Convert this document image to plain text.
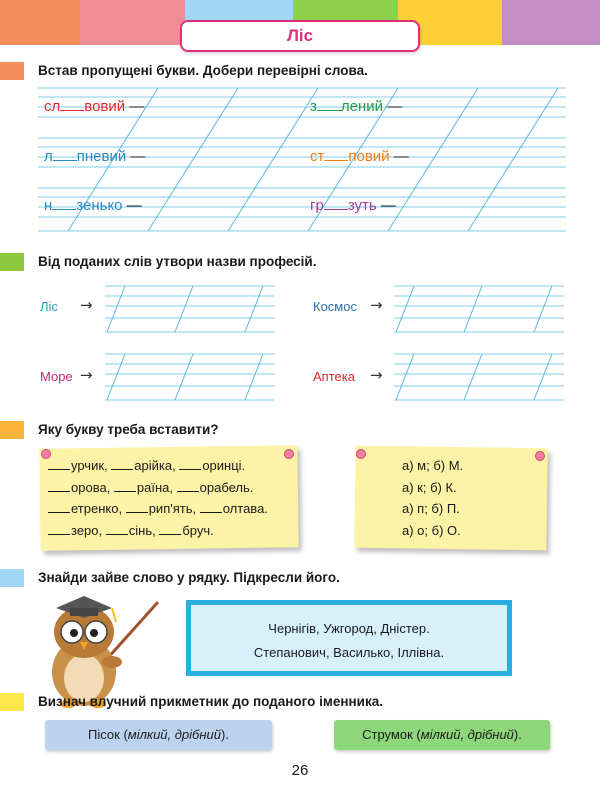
Ліс
Встав пропущені букви. Добери перевірні слова.
сл вовий —	з лений —
л пневий —	ст повий —
н зенько —	гр зуть —
Від поданих слів утвори назви професій.
Ліс →	Космос →
Море →	Аптека →
Яку букву треба вставити?
урчик, арійка, оринці.
орова, раїна, орабель.
етренко, рип'ять, олтава.
зеро, сінь, бруч.
а) м; б) М.
а) к; б) К.
а) п; б) П.
а) о; б) О.
Знайди зайве слово у рядку. Підкресли його.
Чернігів, Ужгород, Дністер.
Степанович, Василько, Іллівна.
Визнач влучний прикметник до поданого іменника.
Пісок (мілкий, дрібний).	Струмок (мілкий, дрібний).
26
